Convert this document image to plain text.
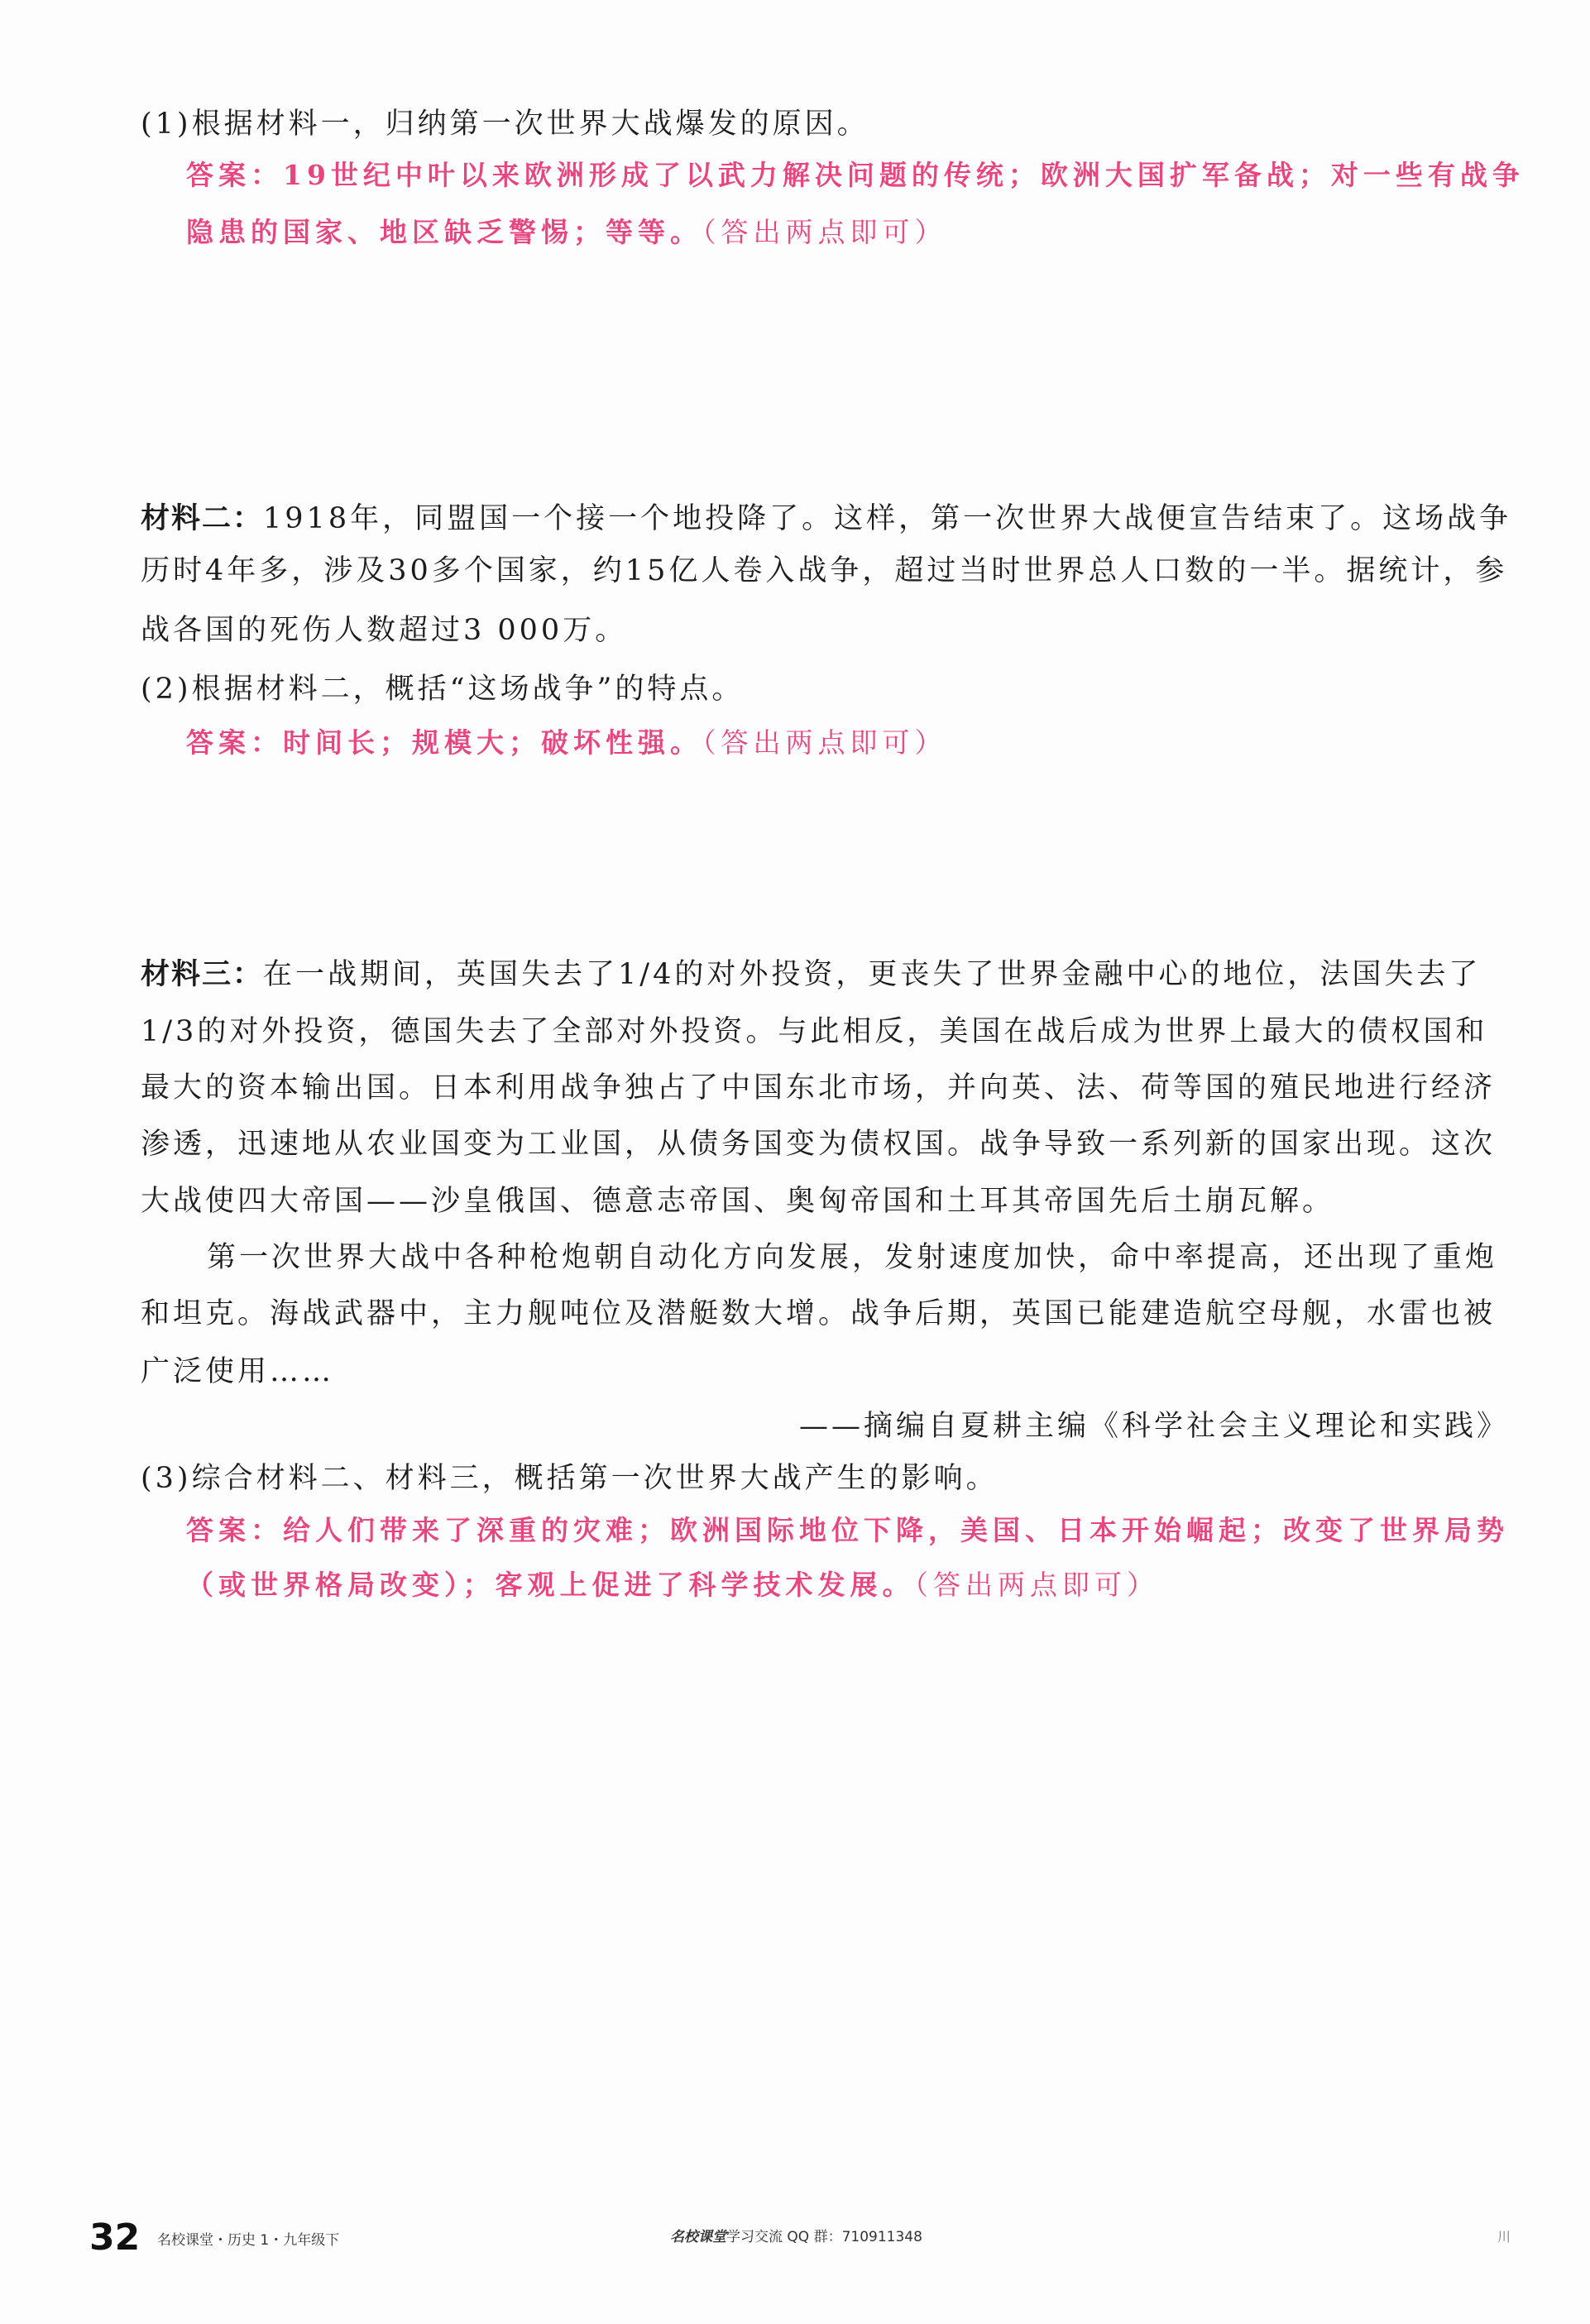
(1)根据材料一，归纳第一次世界大战爆发的原因。
答案：19世纪中叶以来欧洲形成了以武力解决问题的传统；欧洲大国扩军备战；对一些有战争
隐患的国家、地区缺乏警惕；等等。（答出两点即可）
材料二：1918年，同盟国一个接一个地投降了。这样，第一次世界大战便宣告结束了。这场战争
历时4年多，涉及30多个国家，约15亿人卷入战争，超过当时世界总人口数的一半。据统计，参
战各国的死伤人数超过3 000万。
(2)根据材料二，概括“这场战争”的特点。
答案：时间长；规模大；破坏性强。（答出两点即可）
材料三：在一战期间，英国失去了1/4的对外投资，更丧失了世界金融中心的地位，法国失去了
1/3的对外投资，德国失去了全部对外投资。与此相反，美国在战后成为世界上最大的债权国和
最大的资本输出国。日本利用战争独占了中国东北市场，并向英、法、荷等国的殖民地进行经济
渗透，迅速地从农业国变为工业国，从债务国变为债权国。战争导致一系列新的国家出现。这次
大战使四大帝国——沙皇俄国、德意志帝国、奥匈帝国和土耳其帝国先后土崩瓦解。
第一次世界大战中各种枪炮朝自动化方向发展，发射速度加快，命中率提高，还出现了重炮
和坦克。海战武器中，主力舰吨位及潜艇数大增。战争后期，英国已能建造航空母舰，水雷也被
广泛使用……
——摘编自夏耕主编《科学社会主义理论和实践》
(3)综合材料二、材料三，概括第一次世界大战产生的影响。
答案：给人们带来了深重的灾难；欧洲国际地位下降，美国、日本开始崛起；改变了世界局势
（或世界格局改变）；客观上促进了科学技术发展。（答出两点即可）
32 名校课堂・历史 1・九年级下	名校课堂学习交流 QQ 群：710911348	川
